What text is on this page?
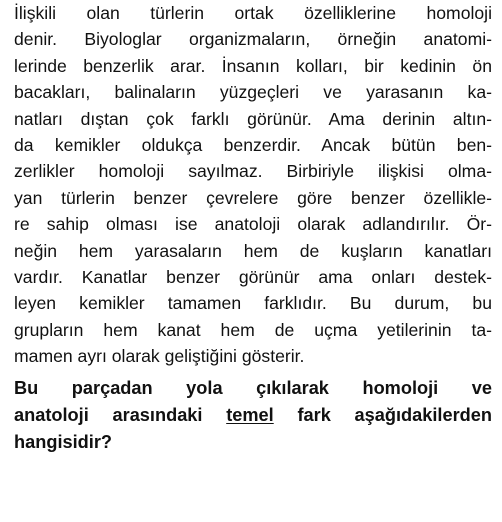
İlişkili olan türlerin ortak özelliklerine homoloji
denir. Biyologlar organizmaların, örneğin anatomi-
lerinde benzerlik arar. İnsanın kolları, bir kedinin ön
bacakları, balinaların yüzgeçleri ve yarasanın ka-
natları dıştan çok farklı görünür. Ama derinin altın-
da kemikler oldukça benzerdir. Ancak bütün ben-
zerlikler homoloji sayılmaz. Birbiriyle ilişkisi olma-
yan türlerin benzer çevrelere göre benzer özellikle-
re sahip olması ise anatoloji olarak adlandırılır. Ör-
neğin hem yarasaların hem de kuşların kanatları
vardır. Kanatlar benzer görünür ama onları destek-
leyen kemikler tamamen farklıdır. Bu durum, bu
grupların hem kanat hem de uçma yetilerinin ta-
mamen ayrı olarak geliştiğini gösterir.
Bu parçadan yola çıkılarak homoloji ve
anatoloji arasındaki temel fark aşağıdakilerden
hangisidir?
